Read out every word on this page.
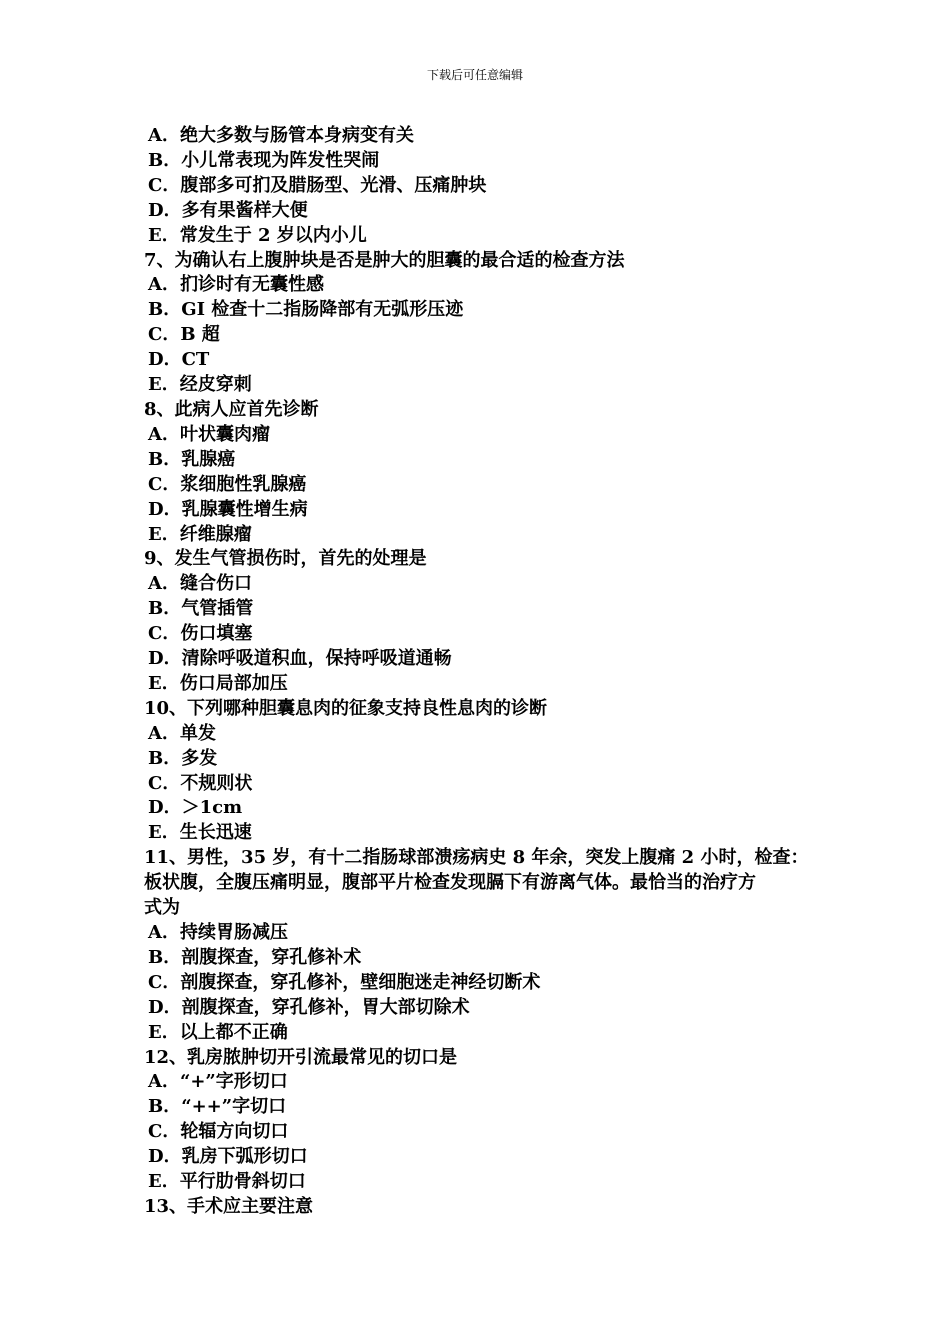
下载后可任意编辑
A．绝大多数与肠管本身病变有关
B．小儿常表现为阵发性哭闹
C．腹部多可扪及腊肠型、光滑、压痛肿块
D．多有果酱样大便
E．常发生于 2 岁以内小儿
7、为确认右上腹肿块是否是肿大的胆囊的最合适的检查方法
A．扪诊时有无囊性感
B．GI 检查十二指肠降部有无弧形压迹
C．B 超
D．CT
E．经皮穿刺
8、此病人应首先诊断
A．叶状囊肉瘤
B．乳腺癌
C．浆细胞性乳腺癌
D．乳腺囊性增生病
E．纤维腺瘤
9、发生气管损伤时，首先的处理是
A．缝合伤口
B．气管插管
C．伤口填塞
D．清除呼吸道积血，保持呼吸道通畅
E．伤口局部加压
10、下列哪种胆囊息肉的征象支持良性息肉的诊断
A．单发
B．多发
C．不规则状
D．＞1cm
E．生长迅速
11、男性，35 岁，有十二指肠球部溃疡病史 8 年余，突发上腹痛 2 小时，检查：
板状腹，全腹压痛明显，腹部平片检查发现膈下有游离气体。最恰当的治疗方
式为
A．持续胃肠减压
B．剖腹探查，穿孔修补术
C．剖腹探查，穿孔修补，壁细胞迷走神经切断术
D．剖腹探查，穿孔修补，胃大部切除术
E．以上都不正确
12、乳房脓肿切开引流最常见的切口是
A．“+”字形切口
B．“++”字切口
C．轮辐方向切口
D．乳房下弧形切口
E．平行肋骨斜切口
13、手术应主要注意
